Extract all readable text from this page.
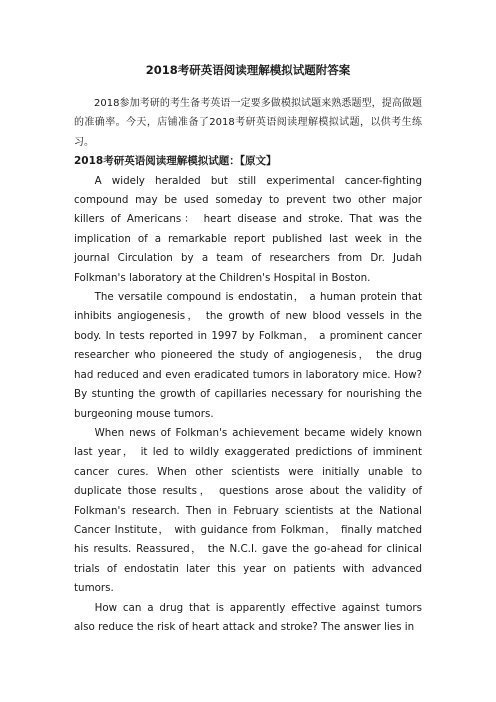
2018考研英语阅读理解模拟试题附答案

2018参加考研的考生备考英语一定要多做模拟试题来熟悉题型，提高做题的准确率。今天，店铺准备了2018考研英语阅读理解模拟试题，以供考生练习。

2018考研英语阅读理解模拟试题：【原文】

A widely heralded but still experimental cancer-fighting compound may be used someday to prevent two other major killers of Americans： heart disease and stroke. That was the implication of a remarkable report published last week in the journal Circulation by a team of researchers from Dr. Judah Folkman's laboratory at the Children's Hospital in Boston.

The versatile compound is endostatin， a human protein that inhibits angiogenesis， the growth of new blood vessels in the body. In tests reported in 1997 by Folkman， a prominent cancer researcher who pioneered the study of angiogenesis， the drug had reduced and even eradicated tumors in laboratory mice. How? By stunting the growth of capillaries necessary for nourishing the burgeoning mouse tumors.

When news of Folkman's achievement became widely known last year， it led to wildly exaggerated predictions of imminent cancer cures. When other scientists were initially unable to duplicate those results， questions arose about the validity of Folkman's research. Then in February scientists at the National Cancer Institute， with guidance from Folkman， finally matched his results. Reassured， the N.C.I. gave the go-ahead for clinical trials of endostatin later this year on patients with advanced tumors.

How can a drug that is apparently effective against tumors also reduce the risk of heart attack and stroke? The answer lies in
